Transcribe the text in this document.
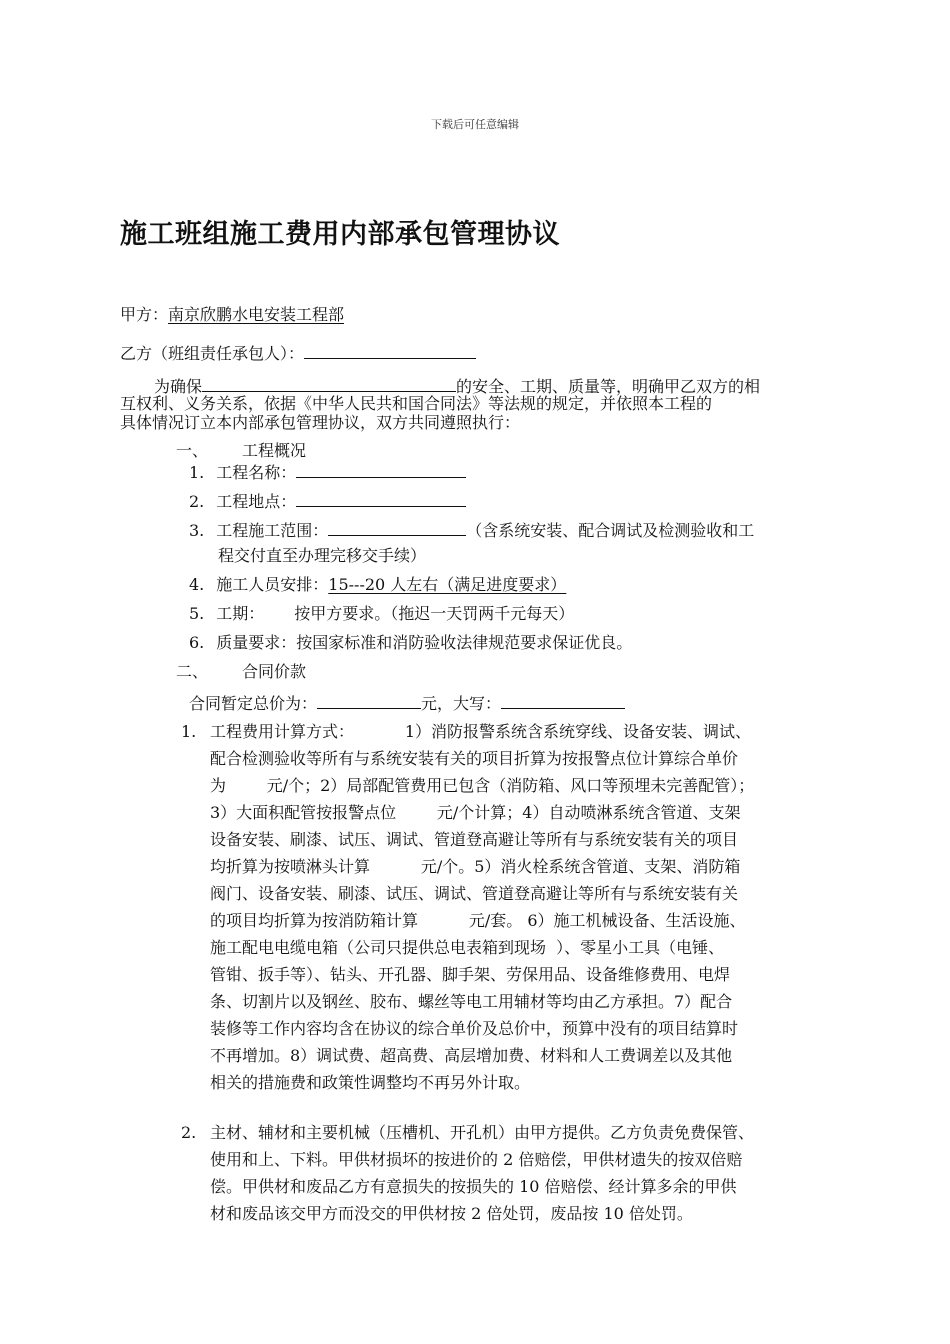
下载后可任意编辑
施工班组施工费用内部承包管理协议
甲方：南京欣鹏水电安装工程部
乙方（班组责任承包人）：
为确保	的安全、工期、质量等，明确甲乙双方的相
互权利、义务关系，依据《中华人民共和国合同法》等法规的规定，并依照本工程的
具体情况订立本内部承包管理协议，双方共同遵照执行：
一、 工程概况
1. 工程名称：
2. 工程地点：
3. 工程施工范围：	（含系统安装、配合调试及检测验收和工
程交付直至办理完移交手续）
4. 施工人员安排：15---20 人左右（满足进度要求）
5. 工期： 按甲方要求。（拖迟一天罚两千元每天）
6. 质量要求：按国家标准和消防验收法律规范要求保证优良。
二、 合同价款
合同暂定总价为：	元，大写：
1. 工程费用计算方式：          1）消防报警系统含系统穿线、设备安装、调试、
配合检测验收等所有与系统安装有关的项目折算为按报警点位计算综合单价
为        元/个；2）局部配管费用已包含（消防箱、风口等预埋未完善配管）；
3）大面积配管按报警点位        元/个计算；4）自动喷淋系统含管道、支架
设备安装、刷漆、试压、调试、管道登高避让等所有与系统安装有关的项目
均折算为按喷淋头计算          元/个。5）消火栓系统含管道、支架、消防箱
阀门、设备安装、刷漆、试压、调试、管道登高避让等所有与系统安装有关
的项目均折算为按消防箱计算          元/套。 6）施工机械设备、生活设施、
施工配电电缆电箱（公司只提供总电表箱到现场  ）、零星小工具（电锤、
管钳、扳手等）、钻头、开孔器、脚手架、劳保用品、设备维修费用、电焊
条、切割片以及钢丝、胶布、螺丝等电工用辅材等均由乙方承担。7）配合
装修等工作内容均含在协议的综合单价及总价中，预算中没有的项目结算时
不再增加。8）调试费、超高费、高层增加费、材料和人工费调差以及其他
相关的措施费和政策性调整均不再另外计取。
2. 主材、辅材和主要机械（压槽机、开孔机）由甲方提供。乙方负责免费保管、
使用和上、下料。甲供材损坏的按进价的 2 倍赔偿，甲供材遗失的按双倍赔
偿。甲供材和废品乙方有意损失的按损失的 10 倍赔偿、经计算多余的甲供
材和废品该交甲方而没交的甲供材按 2 倍处罚，废品按 10 倍处罚。
